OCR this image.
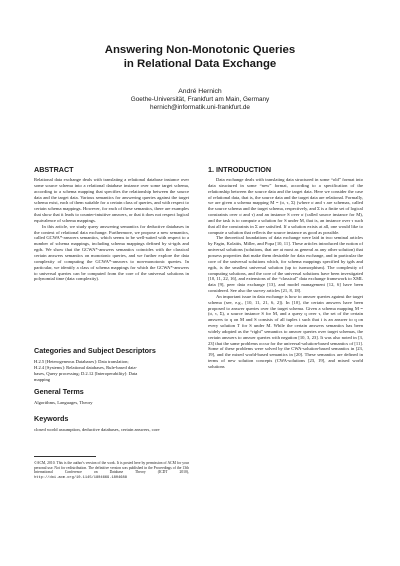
Answering Non-Monotonic Queries
in Relational Data Exchange
André Hernich
Goethe-Universität, Frankfurt am Main, Germany
hernich@informatik.uni-frankfurt.de
ABSTRACT

Relational data exchange deals with translating a relational database instance over some source schema into a relational database instance over some target schema, according to a schema mapping that specifies the relationship between the source data and the target data. Various semantics for answering queries against the target schema exist, each of them suitable for a certain class of queries, and with respect to certain schema mappings. However, for each of these semantics, there are examples that show that it leads to counter-intuitive answers, or that it does not respect logical equivalence of schema mappings.

In this article, we study query answering semantics for deductive databases in the context of relational data exchange. Furthermore, we propose a new semantics, called GCWA*-answers semantics, which seems to be well-suited with respect to a number of schema mappings, including schema mappings defined by st-tgds and egds. We show that the GCWA*-answers semantics coincides with the classical certain answers semantics on monotonic queries, and we further explore the data complexity of computing the GCWA*-answers to non-monotonic queries. In particular, we identify a class of schema mappings for which the GCWA*-answers to universal queries can be computed from the core of the universal solutions in polynomial time (data complexity).

Categories and Subject Descriptors
H.2.5 [Heterogeneous Databases]: Data translation;
H.2.4 [Systems]: Relational databases, Rule-based data-
bases, Query processing; D.2.12 [Interoperability]: Data
mapping
General Terms
Algorithms, Languages, Theory
Keywords
closed world assumption, deductive databases, certain answers, core

©ACM, 2010. This is the author's version of the work. It is posted here by permission of ACM for your personal use. Not for redistribution. The definitive version was published in the Proceedings of the 13th International Conference on Database Theory (ICDT 2010), http://doi.acm.org/10.1145/1804669.1804688

1. INTRODUCTION

Data exchange deals with translating data structured in some “old” format into data structured in some “new” format, according to a specification of the relationship between the source data and the target data. Here we consider the case of relational data, that is, the source data and the target data are relational. Formally, we are given a schema mapping M = (σ, τ, Σ) (where σ and τ are schemas, called the source schema and the target schema, respectively, and Σ is a finite set of logical constraints over σ and τ) and an instance S over σ (called source instance for M), and the task is to compute a solution for S under M, that is, an instance over τ such that all the constraints in Σ are satisfied. If a solution exists at all, one would like to compute a solution that reflects the source instance as good as possible.

The theoretical foundations of data exchange were laid in two seminal articles by Fagin, Kolaitis, Miller, and Popa [10, 11]. These articles introduced the notion of universal solutions (solutions, that are at most as general as any other solution) that possess properties that make them desirable for data exchange, and in particular the core of the universal solutions which, for schema mappings specified by tgds and egds, is the smallest universal solution (up to isomorphism). The complexity of computing solutions, and the core of the universal solutions have been investigated [10, 11, 22, 16], and extensions of the “classical” data exchange framework to XML data [9], peer data exchange [13], and model management [12, 6] have been considered. See also the survey articles [21, 8, 18].

An important issue in data exchange is how to answer queries against the target schema (see, e.g., [10, 11, 21, 6, 2]). In [10], the certain answers have been proposed to answer queries over the target schema. Given a schema mapping M = (σ, τ, Σ), a source instance S for M, and a query q over τ, the set of the certain answers to q on M and S consists of all tuples t such that t is an answer to q on every solution T for S under M. While the certain answers semantics has been widely adopted as the “right” semantics to answer queries over target schemas, the certain answers to answer queries with negation [10, 3, 23]. It was also noted in [3, 23] that the same problems occur for the universal-solution-based semantics of [11]. Some of these problems were solved by the CWA-solution-based semantics in [23, 19], and the mixed world-based semantics in [20]. These semantics are defined in terms of new solution concepts (CWA-solutions [23, 19], and mixed world solutions
